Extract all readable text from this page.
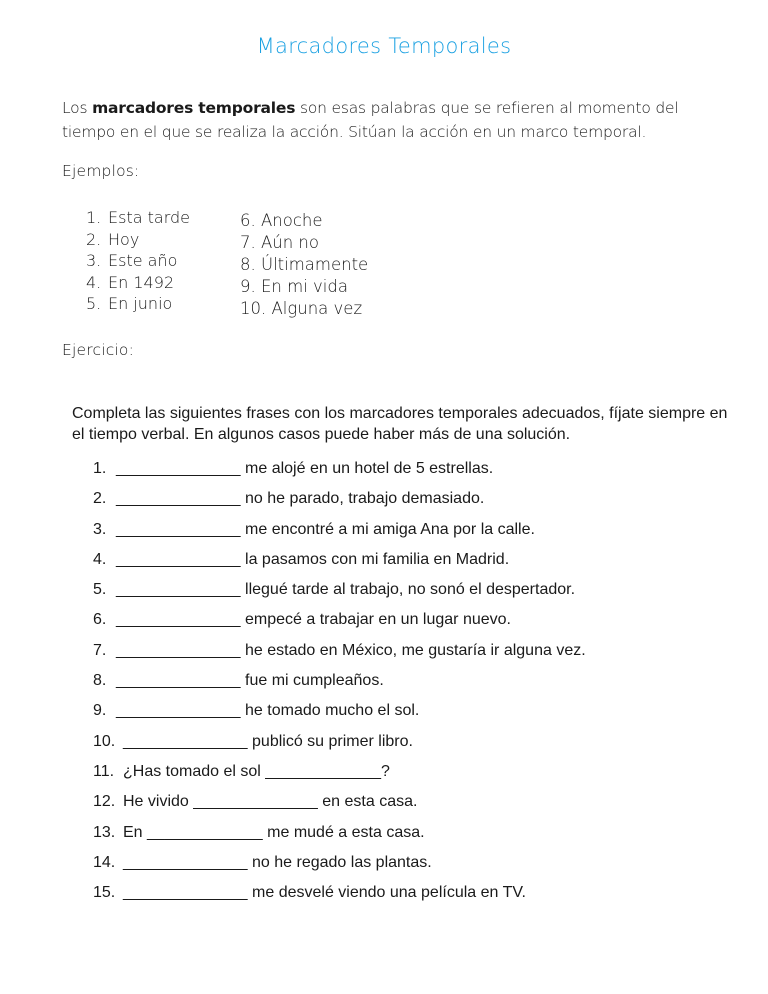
Marcadores Temporales
Los marcadores temporales son esas palabras que se refieren al momento del tiempo en el que se realiza la acción. Sitúan la acción en un marco temporal.
Ejemplos:
1. Esta tarde
2. Hoy
3. Este año
4. En 1492
5. En junio
6. Anoche
7. Aún no
8. Últimamente
9. En mi vida
10. Alguna vez
Ejercicio:
Completa las siguientes frases con los marcadores temporales adecuados, fíjate siempre en el tiempo verbal. En algunos casos puede haber más de una solución.
1. ______________ me alojé en un hotel de 5 estrellas.
2. ______________ no he parado, trabajo demasiado.
3. ______________ me encontré a mi amiga Ana por la calle.
4. ______________ la pasamos con mi familia en Madrid.
5. ______________ llegué tarde al trabajo, no sonó el despertador.
6. ______________ empecé a trabajar en un lugar nuevo.
7. ______________ he estado en México, me gustaría ir alguna vez.
8. ______________ fue mi cumpleaños.
9. ______________ he tomado mucho el sol.
10. ______________ publicó su primer libro.
11. ¿Has tomado el sol _____________?
12. He vivido ______________ en esta casa.
13. En _____________ me mudé a esta casa.
14. ______________ no he regado las plantas.
15. ______________ me desvelé viendo una película en TV.
